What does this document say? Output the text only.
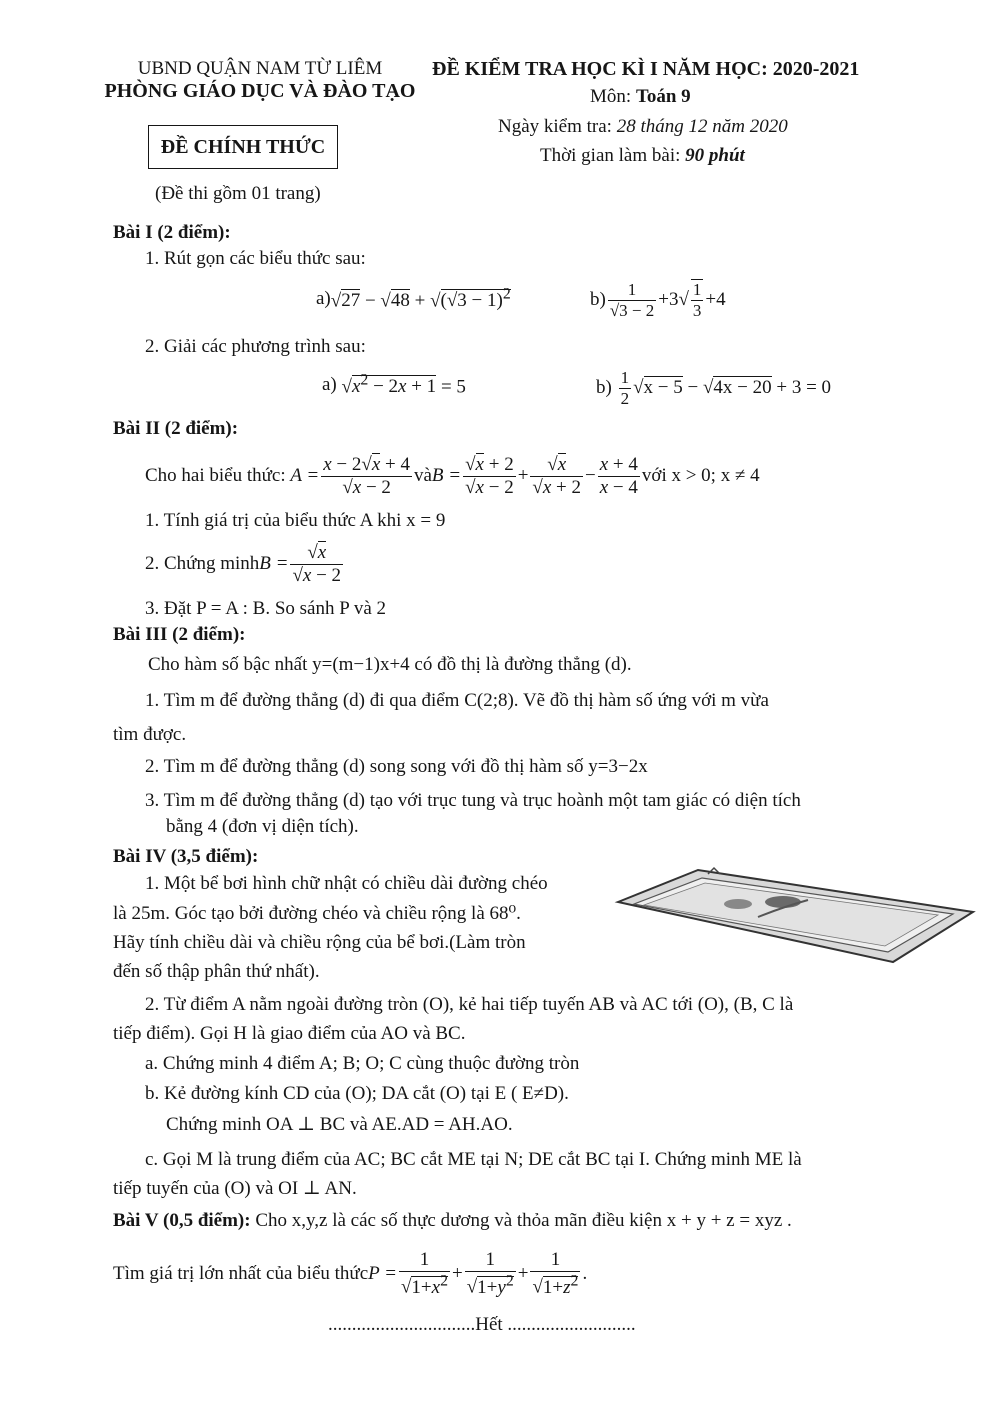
UBND QUẬN NAM TỪ LIÊM
PHÒNG GIÁO DỤC VÀ ĐÀO TẠO
ĐỀ CHÍNH THỨC
(Đề thi gồm 01 trang)
ĐỀ KIỂM TRA HỌC KÌ I NĂM HỌC: 2020-2021
Môn: Toán 9
Ngày kiểm tra: 28 tháng 12 năm 2020
Thời gian làm bài: 90 phút
Bài I (2 điểm):
1. Rút gọn các biểu thức sau:
a) $√27 - √48 + √(√3 - 1)^2$	$b) \frac{1}{√3 - 2} +3√ \frac{1}{3} +4$
2. Giải các phương trình sau:
a)
$√x^2 - 2x + 1 = 5$	b)
$\frac{1}{2} √x - 5 - √4x - 20 + 3 = 0$
Bài II (2 điểm):
Cho hai biểu thức: $A = \frac{x - 2√x + 4}{√x - 2}$ và $B = \frac{√x + 2}{√x - 2} + \frac{√x}{√x + 2} - \frac{x + 4}{x - 4}$ với x > 0; x ≠ 4
1. Tính giá trị của biểu thức A khi x = 9
2. Chứng minh $B = \frac{√x}{√x - 2}$
3. Đặt P = A : B. So sánh P và 2
Bài III (2 điểm):
Cho hàm số bậc nhất y=(m−1)x+4 có đồ thị là đường thẳng (d).
1. Tìm m để đường thẳng (d) đi qua điểm C(2;8). Vẽ đồ thị hàm số ứng với m vừa
tìm được.
2. Tìm m để đường thẳng (d) song song với đồ thị hàm số y=3−2x
3. Tìm m để đường thẳng (d) tạo với trục tung và trục hoành một tam giác có diện tích
bằng 4 (đơn vị diện tích).
Bài IV (3,5 điểm):
1. Một bể bơi hình chữ nhật có chiều dài đường chéo
là 25m. Góc tạo bởi đường chéo và chiều rộng là 68⁰.
Hãy tính chiều dài và chiều rộng của bể bơi.(Làm tròn
đến số thập phân thứ nhất).
2. Từ điểm A nằm ngoài đường tròn (O), kẻ hai tiếp tuyến AB và AC tới (O), (B, C là
tiếp điểm). Gọi H là giao điểm của AO và BC.
a. Chứng minh 4 điểm A; B; O; C cùng thuộc đường tròn
b. Kẻ đường kính CD của (O); DA cắt (O) tại E ( E≠D).
Chứng minh OA ⊥ BC và AE.AD = AH.AO.
c. Gọi M là trung điểm của AC; BC cắt ME tại N; DE cắt BC tại I. Chứng minh ME là
tiếp tuyến của (O) và OI ⊥ AN.
Bài V (0,5 điểm): Cho x,y,z là các số thực dương và thỏa mãn điều kiện x + y + z = xyz .
Tìm giá trị lớn nhất của biểu thức $P = \frac{1}{√1+x^2} + \frac{1}{√1+y^2} + \frac{1}{√1+z^2}$ .
...............................Hết ...........................
